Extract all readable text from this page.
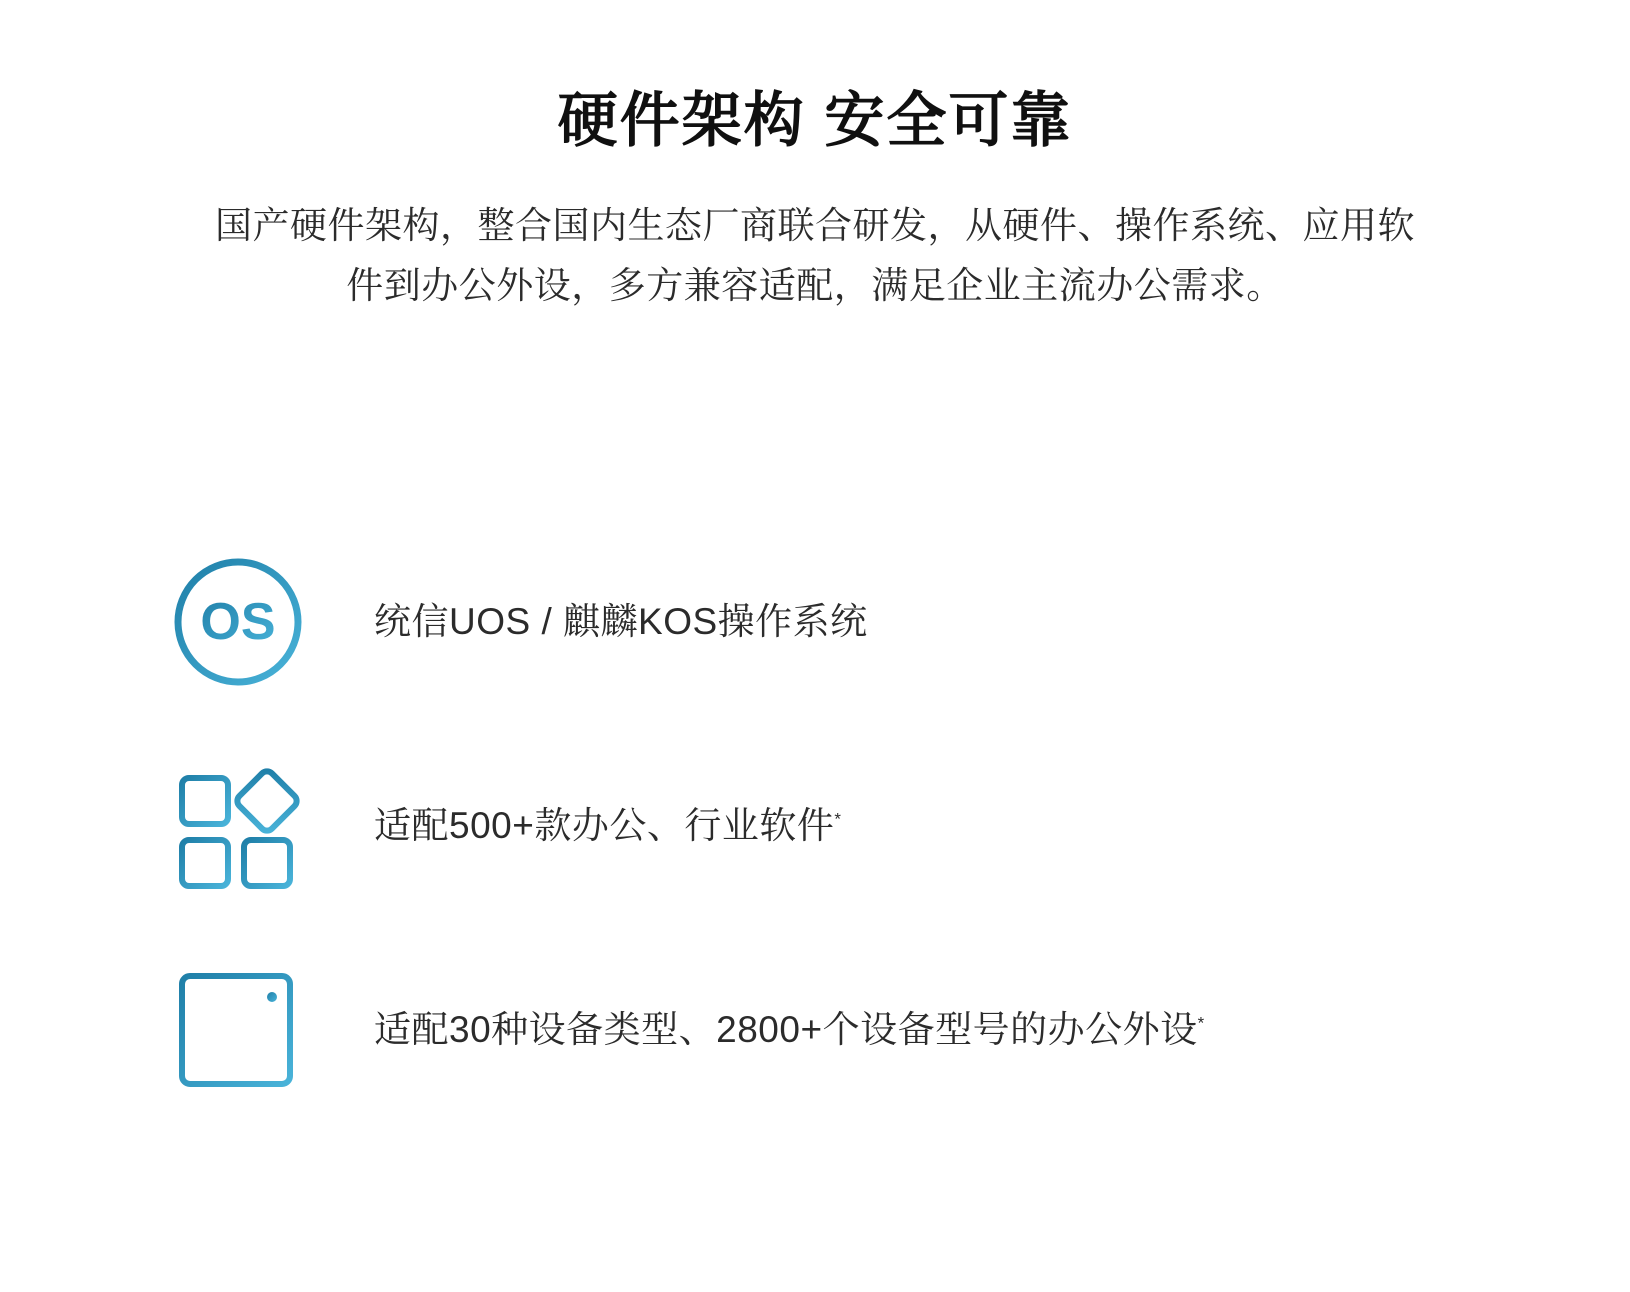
硬件架构 安全可靠

国产硬件架构，整合国内生态厂商联合研发，从硬件、操作系统、应用软件到办公外设，多方兼容适配，满足企业主流办公需求。

OS	统信UOS / 麒麟KOS操作系统
适配500+款办公、行业软件*
适配30种设备类型、2800+个设备型号的办公外设*
